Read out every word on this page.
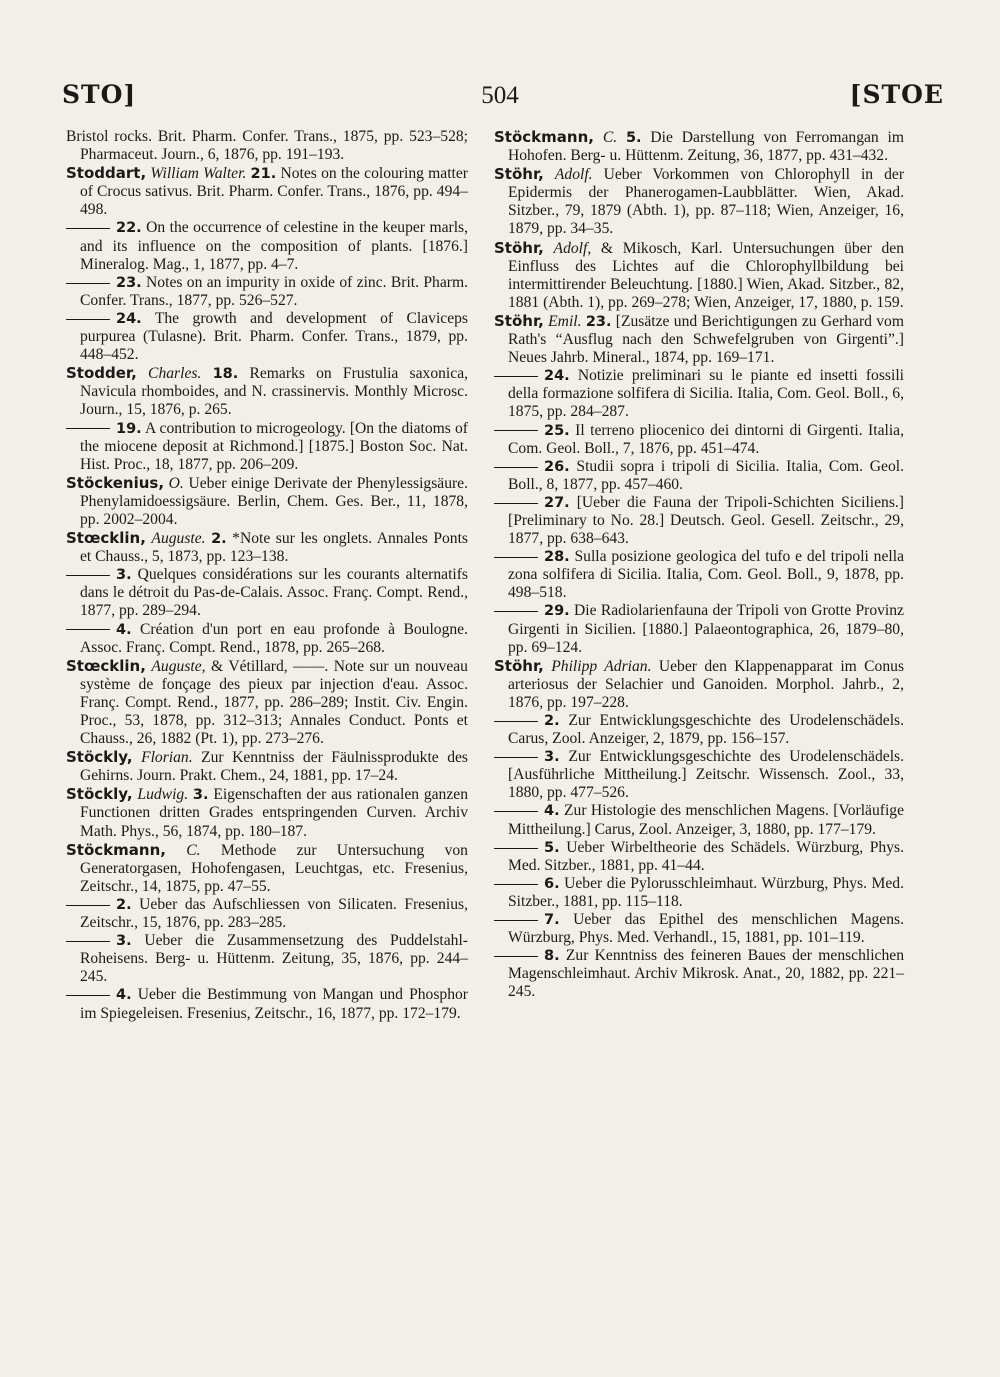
STO]	504	[STOE

Bristol rocks. Brit. Pharm. Confer. Trans., 1875, pp. 523–528; Pharmaceut. Journ., 6, 1876, pp. 191–193.

Stoddart, William Walter. 21. Notes on the colouring matter of Crocus sativus. Brit. Pharm. Confer. Trans., 1876, pp. 494–498.

22. On the occurrence of celestine in the keuper marls, and its influence on the composition of plants. [1876.] Mineralog. Mag., 1, 1877, pp. 4–7.

23. Notes on an impurity in oxide of zinc. Brit. Pharm. Confer. Trans., 1877, pp. 526–527.

24. The growth and development of Claviceps purpurea (Tulasne). Brit. Pharm. Confer. Trans., 1879, pp. 448–452.

Stodder, Charles. 18. Remarks on Frustulia saxonica, Navicula rhomboides, and N. crassinervis. Monthly Microsc. Journ., 15, 1876, p. 265.

19. A contribution to microgeology. [On the diatoms of the miocene deposit at Richmond.] [1875.] Boston Soc. Nat. Hist. Proc., 18, 1877, pp. 206–209.

Stöckenius, O. Ueber einige Derivate der Phenylessigsäure. Phenylamidoessigsäure. Berlin, Chem. Ges. Ber., 11, 1878, pp. 2002–2004.

Stœcklin, Auguste. 2. *Note sur les onglets. Annales Ponts et Chauss., 5, 1873, pp. 123–138.

3. Quelques considérations sur les courants alternatifs dans le détroit du Pas-de-Calais. Assoc. Franç. Compt. Rend., 1877, pp. 289–294.

4. Création d'un port en eau profonde à Boulogne. Assoc. Franç. Compt. Rend., 1878, pp. 265–268.

Stœcklin, Auguste, & Vétillard, ——. Note sur un nouveau système de fonçage des pieux par injection d'eau. Assoc. Franç. Compt. Rend., 1877, pp. 286–289; Instit. Civ. Engin. Proc., 53, 1878, pp. 312–313; Annales Conduct. Ponts et Chauss., 26, 1882 (Pt. 1), pp. 273–276.

Stöckly, Florian. Zur Kenntniss der Fäulnissprodukte des Gehirns. Journ. Prakt. Chem., 24, 1881, pp. 17–24.

Stöckly, Ludwig. 3. Eigenschaften der aus rationalen ganzen Functionen dritten Grades entspringenden Curven. Archiv Math. Phys., 56, 1874, pp. 180–187.

Stöckmann, C. Methode zur Untersuchung von Generatorgasen, Hohofengasen, Leuchtgas, etc. Fresenius, Zeitschr., 14, 1875, pp. 47–55.

2. Ueber das Aufschliessen von Silicaten. Fresenius, Zeitschr., 15, 1876, pp. 283–285.

3. Ueber die Zusammensetzung des Puddelstahl-Roheisens. Berg- u. Hüttenm. Zeitung, 35, 1876, pp. 244–245.

4. Ueber die Bestimmung von Mangan und Phosphor im Spiegeleisen. Fresenius, Zeitschr., 16, 1877, pp. 172–179.

Stöckmann, C. 5. Die Darstellung von Ferromangan im Hohofen. Berg- u. Hüttenm. Zeitung, 36, 1877, pp. 431–432.

Stöhr, Adolf. Ueber Vorkommen von Chlorophyll in der Epidermis der Phanerogamen-Laubblätter. Wien, Akad. Sitzber., 79, 1879 (Abth. 1), pp. 87–118; Wien, Anzeiger, 16, 1879, pp. 34–35.

Stöhr, Adolf, & Mikosch, Karl. Untersuchungen über den Einfluss des Lichtes auf die Chlorophyllbildung bei intermittirender Beleuchtung. [1880.] Wien, Akad. Sitzber., 82, 1881 (Abth. 1), pp. 269–278; Wien, Anzeiger, 17, 1880, p. 159.

Stöhr, Emil. 23. [Zusätze und Berichtigungen zu Gerhard vom Rath's “Ausflug nach den Schwefelgruben von Girgenti”.] Neues Jahrb. Mineral., 1874, pp. 169–171.

24. Notizie preliminari su le piante ed insetti fossili della formazione solfifera di Sicilia. Italia, Com. Geol. Boll., 6, 1875, pp. 284–287.

25. Il terreno pliocenico dei dintorni di Girgenti. Italia, Com. Geol. Boll., 7, 1876, pp. 451–474.

26. Studii sopra i tripoli di Sicilia. Italia, Com. Geol. Boll., 8, 1877, pp. 457–460.

27. [Ueber die Fauna der Tripoli-Schichten Siciliens.] [Preliminary to No. 28.] Deutsch. Geol. Gesell. Zeitschr., 29, 1877, pp. 638–643.

28. Sulla posizione geologica del tufo e del tripoli nella zona solfifera di Sicilia. Italia, Com. Geol. Boll., 9, 1878, pp. 498–518.

29. Die Radiolarienfauna der Tripoli von Grotte Provinz Girgenti in Sicilien. [1880.] Palaeontographica, 26, 1879–80, pp. 69–124.

Stöhr, Philipp Adrian. Ueber den Klappenapparat im Conus arteriosus der Selachier und Ganoiden. Morphol. Jahrb., 2, 1876, pp. 197–228.

2. Zur Entwicklungsgeschichte des Urodelenschädels. Carus, Zool. Anzeiger, 2, 1879, pp. 156–157.

3. Zur Entwicklungsgeschichte des Urodelenschädels. [Ausführliche Mittheilung.] Zeitschr. Wissensch. Zool., 33, 1880, pp. 477–526.

4. Zur Histologie des menschlichen Magens. [Vorläufige Mittheilung.] Carus, Zool. Anzeiger, 3, 1880, pp. 177–179.

5. Ueber Wirbeltheorie des Schädels. Würzburg, Phys. Med. Sitzber., 1881, pp. 41–44.

6. Ueber die Pylorusschleimhaut. Würzburg, Phys. Med. Sitzber., 1881, pp. 115–118.

7. Ueber das Epithel des menschlichen Magens. Würzburg, Phys. Med. Verhandl., 15, 1881, pp. 101–119.

8. Zur Kenntniss des feineren Baues der menschlichen Magenschleimhaut. Archiv Mikrosk. Anat., 20, 1882, pp. 221–245.
